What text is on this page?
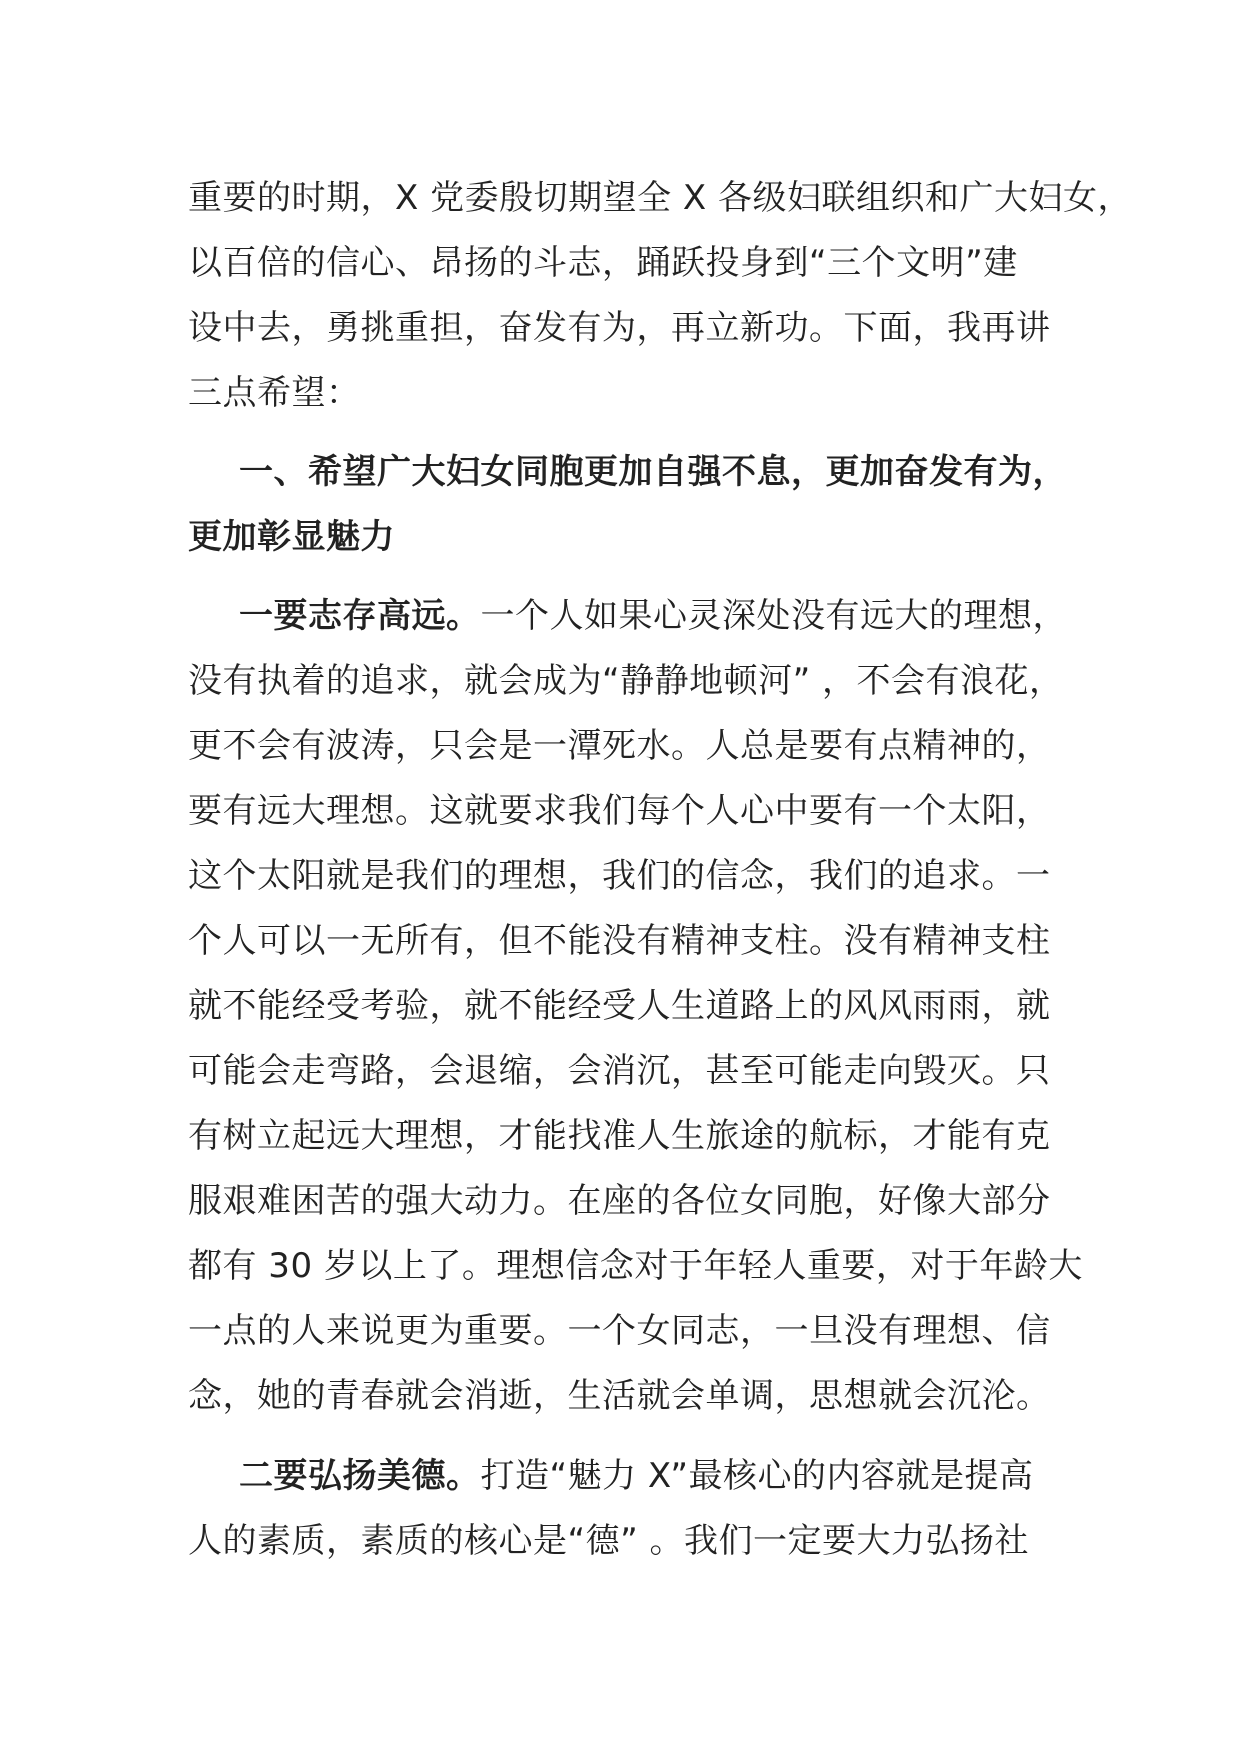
重要的时期，X 党委殷切期望全 X 各级妇联组织和广大妇女，
以百倍的信心、昂扬的斗志，踊跃投身到“三个文明”建
设中去，勇挑重担，奋发有为，再立新功。下面，我再讲
三点希望：
一、希望广大妇女同胞更加自强不息，更加奋发有为，
更加彰显魅力
一要志存高远。一个人如果心灵深处没有远大的理想，
没有执着的追求，就会成为“静静地顿河” ，不会有浪花，
更不会有波涛，只会是一潭死水。人总是要有点精神的，
要有远大理想。这就要求我们每个人心中要有一个太阳，
这个太阳就是我们的理想，我们的信念，我们的追求。一
个人可以一无所有，但不能没有精神支柱。没有精神支柱
就不能经受考验，就不能经受人生道路上的风风雨雨，就
可能会走弯路，会退缩，会消沉，甚至可能走向毁灭。只
有树立起远大理想，才能找准人生旅途的航标，才能有克
服艰难困苦的强大动力。在座的各位女同胞，好像大部分
都有 30 岁以上了。理想信念对于年轻人重要，对于年龄大
一点的人来说更为重要。一个女同志，一旦没有理想、信
念，她的青春就会消逝，生活就会单调，思想就会沉沦。
二要弘扬美德。打造“魅力 X”最核心的内容就是提高
人的素质，素质的核心是“德” 。我们一定要大力弘扬社
